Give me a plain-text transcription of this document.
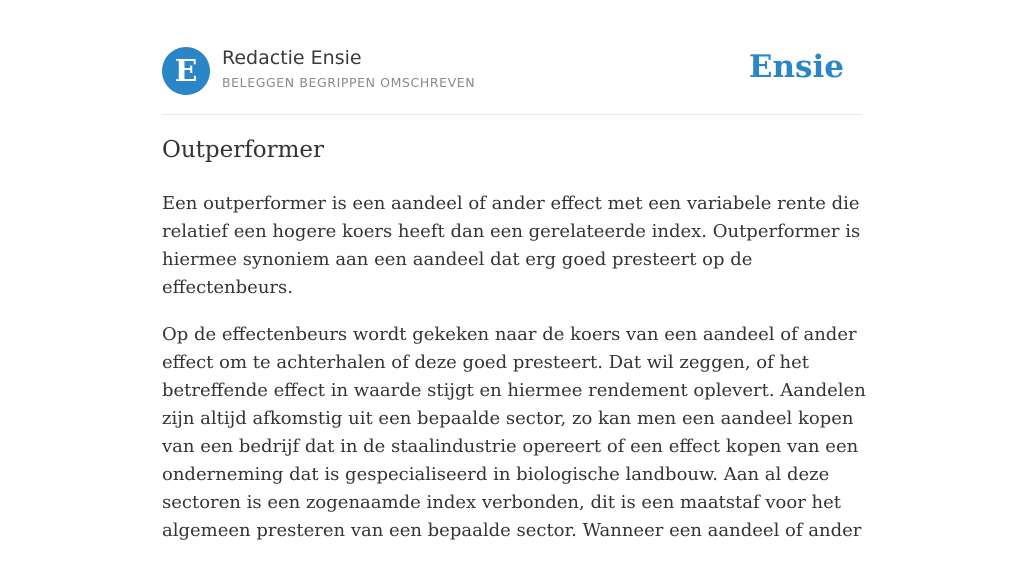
E	Redactie Ensie
BELEGGEN BEGRIPPEN OMSCHREVEN	Ensie
Outperformer

Een outperformer is een aandeel of ander effect met een variabele rente die relatief een hogere koers heeft dan een gerelateerde index. Outperformer is hiermee synoniem aan een aandeel dat erg goed presteert op de effectenbeurs.

Op de effectenbeurs wordt gekeken naar de koers van een aandeel of ander effect om te achterhalen of deze goed presteert. Dat wil zeggen, of het betreffende effect in waarde stijgt en hiermee rendement oplevert. Aandelen zijn altijd afkomstig uit een bepaalde sector, zo kan men een aandeel kopen van een bedrijf dat in de staalindustrie opereert of een effect kopen van een onderneming dat is gespecialiseerd in biologische landbouw. Aan al deze sectoren is een zogenaamde index verbonden, dit is een maatstaf voor het algemeen presteren van een bepaalde sector. Wanneer een aandeel of ander
